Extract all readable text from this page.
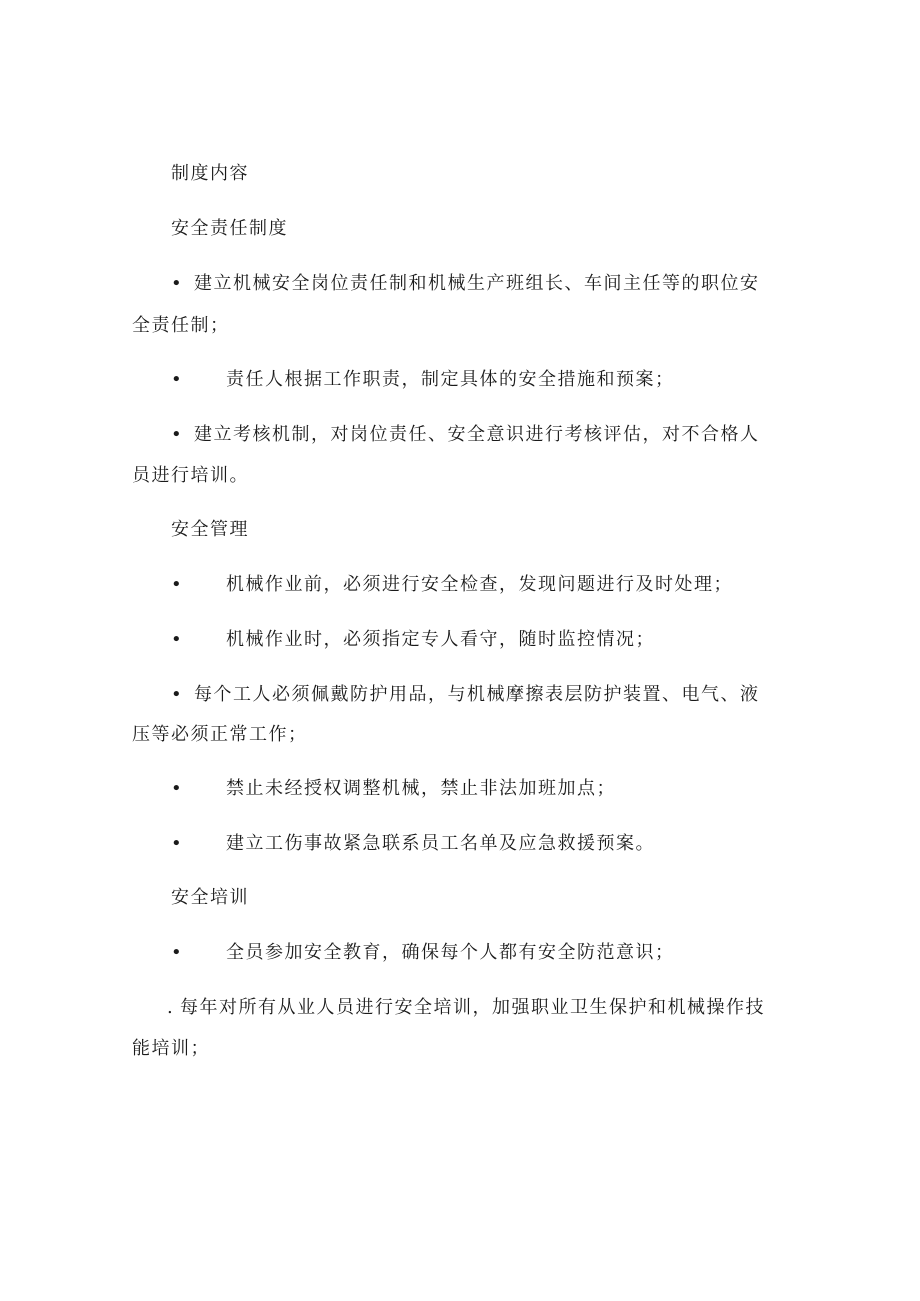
制度内容
安全责任制度
• 建立机械安全岗位责任制和机械生产班组长、车间主任等的职位安
全责任制；
• 责任人根据工作职责，制定具体的安全措施和预案；
• 建立考核机制，对岗位责任、安全意识进行考核评估，对不合格人
员进行培训。
安全管理
• 机械作业前，必须进行安全检查，发现问题进行及时处理；
• 机械作业时，必须指定专人看守，随时监控情况；
• 每个工人必须佩戴防护用品，与机械摩擦表层防护装置、电气、液
压等必须正常工作；
• 禁止未经授权调整机械，禁止非法加班加点；
• 建立工伤事故紧急联系员工名单及应急救援预案。
安全培训
• 全员参加安全教育，确保每个人都有安全防范意识；
. 每年对所有从业人员进行安全培训，加强职业卫生保护和机械操作技
能培训；
